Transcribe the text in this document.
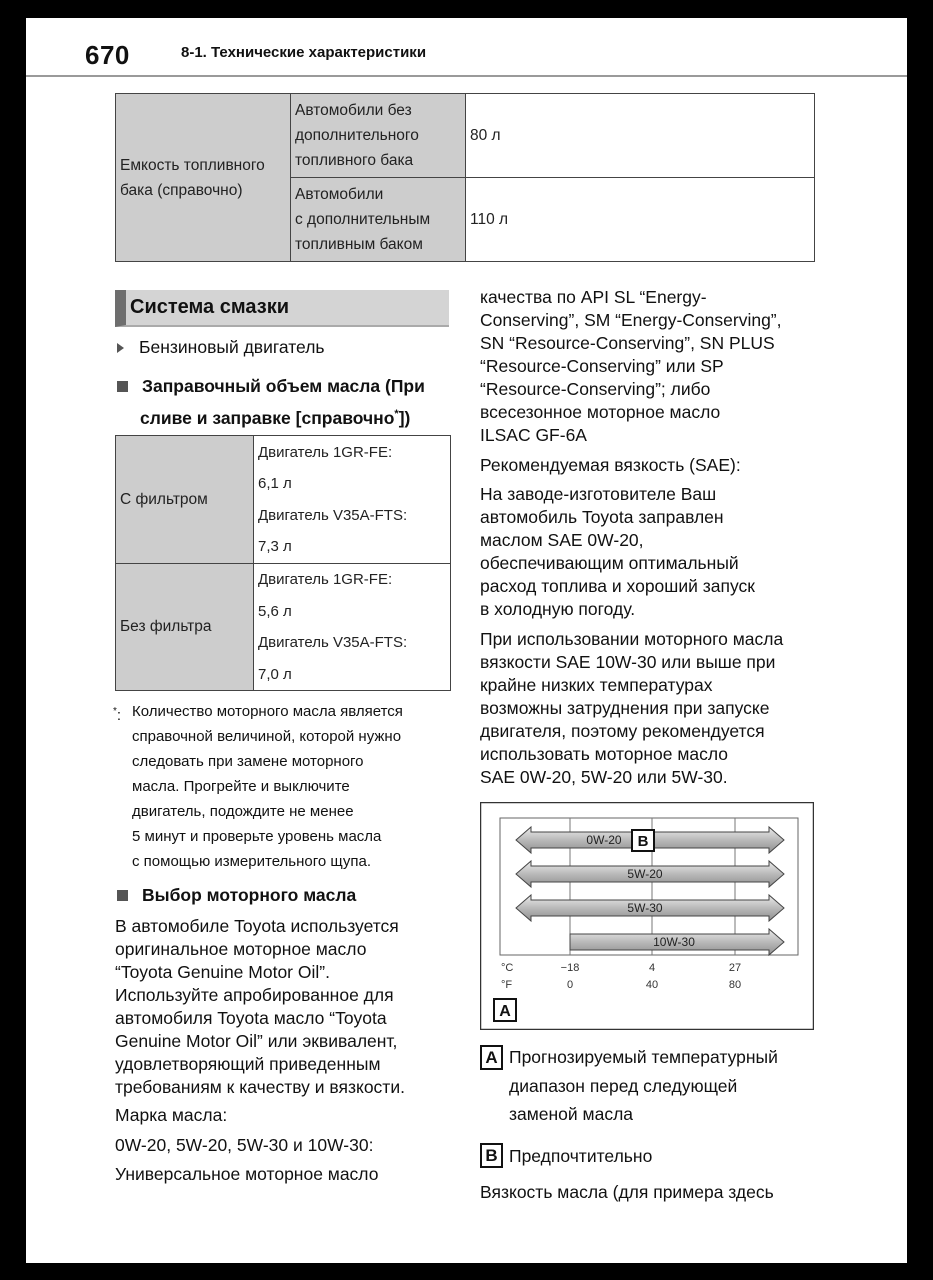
670	8-1. Технические характеристики
Емкость топливного
бака (справочно)	Автомобили без
дополнительного
топливного бака	80 л
	Автомобили
с дополнительным
топливным баком	110 л
Система смазки
Бензиновый двигатель
Заправочный объем масла (При
сливе и заправке [справочно*])
С фильтром	Двигатель 1GR-FE:
6,1 л
Двигатель V35A-FTS:
7,3 л
Без фильтра	Двигатель 1GR-FE:
5,6 л
Двигатель V35A-FTS:
7,0 л
*: Количество моторного масла является
справочной величиной, которой нужно
следовать при замене моторного
масла. Прогрейте и выключите
двигатель, подождите не менее
5 минут и проверьте уровень масла
с помощью измерительного щупа.
Выбор моторного масла
В автомобиле Toyota используется
оригинальное моторное масло
“Toyota Genuine Motor Oil”.
Используйте апробированное для
автомобиля Toyota масло “Toyota
Genuine Motor Oil” или эквивалент,
удовлетворяющий приведенным
требованиям к качеству и вязкости.
Марка масла:
0W-20, 5W-20, 5W-30 и 10W-30:
Универсальное моторное масло
качества по API SL “Energy-
Conserving”, SM “Energy-Conserving”,
SN “Resource-Conserving”, SN PLUS
“Resource-Conserving” или SP
“Resource-Conserving”; либо
всесезонное моторное масло
ILSAC GF-6A
Рекомендуемая вязкость (SAE):
На заводе-изготовителе Ваш
автомобиль Toyota заправлен
маслом SAE 0W-20,
обеспечивающим оптимальный
расход топлива и хороший запуск
в холодную погоду.
При использовании моторного масла
вязкости SAE 10W-30 или выше при
крайне низких температурах
возможны затруднения при запуске
двигателя, поэтому рекомендуется
использовать моторное масло
SAE 0W-20, 5W-20 или 5W-30.
0W-20 B
5W-20
5W-30
10W-30
°C
°F
−18	4	27
0	40	80
A
A Прогнозируемый температурный
диапазон перед следующей
заменой масла
B Предпочтительно
Вязкость масла (для примера здесь
